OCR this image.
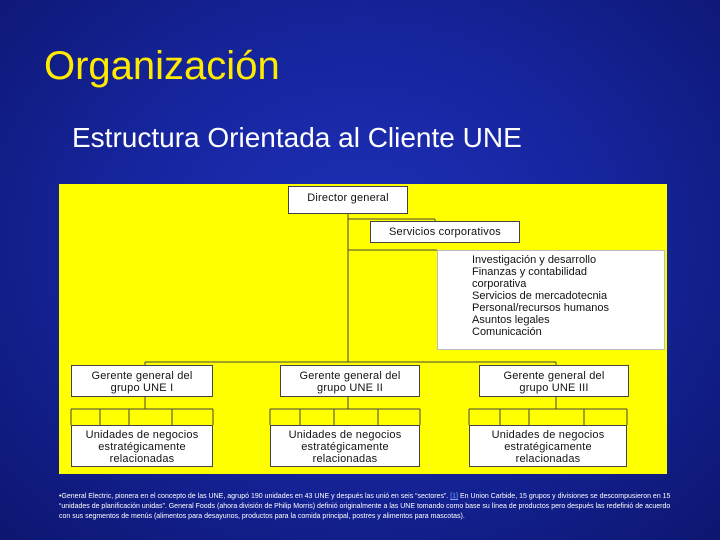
Organización
Estructura Orientada al Cliente UNE
Director general
Servicios corporativos
Investigación y desarrollo
Finanzas y contabilidad
corporativa
Servicios de mercadotecnia
Personal/recursos humanos
Asuntos legales
Comunicación
Gerente general del
grupo UNE I
Unidades de negocios
estratégicamente
relacionadas
Gerente general del
grupo UNE II
Unidades de negocios
estratégicamente
relacionadas
Gerente general del
grupo UNE III
Unidades de negocios
estratégicamente
relacionadas
•General Electric, pionera en el concepto de las UNE, agrupó 190 unidades en 43 UNE y después las unió en seis “sectores”. [1] En Union Carbide, 15 grupos y divisiones se descompusieron en 15 “unidades de planificación unidas”. General Foods (ahora división de Philip Morris) definió originalmente a las UNE tomando como base su línea de productos pero después las redefinió de acuerdo con sus segmentos de menús (alimentos para desayunos, productos para la comida principal, postres y alimentos para mascotas).
